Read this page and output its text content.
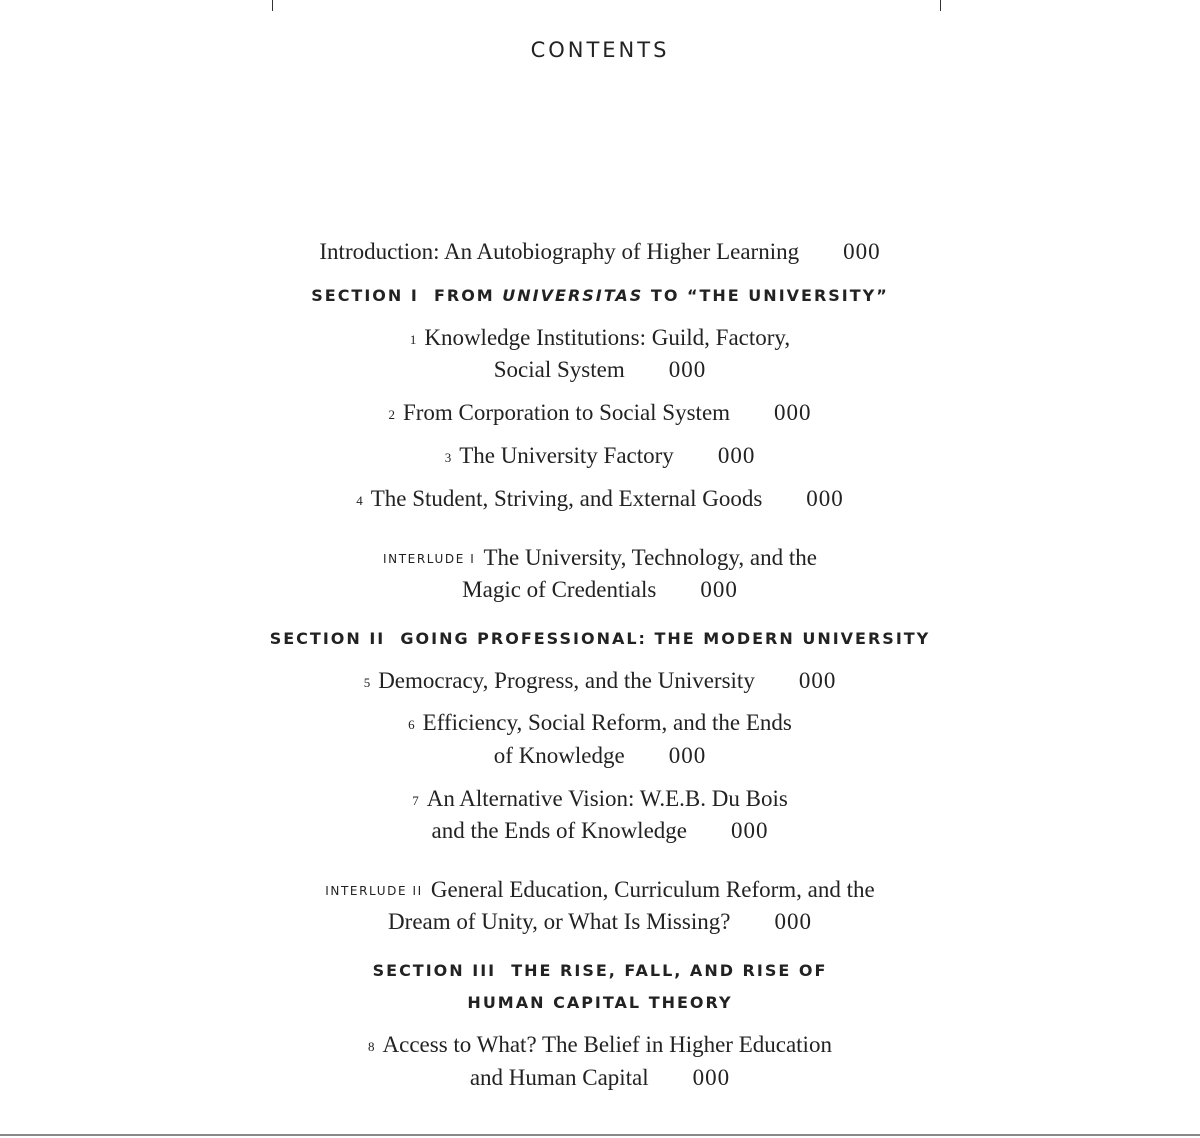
CONTENTS
Introduction: An Autobiography of Higher Learning 000
SECTION I FROM UNIVERSITAS TO “THE UNIVERSITY”
1 Knowledge Institutions: Guild, Factory,
Social System 000
2 From Corporation to Social System 000
3 The University Factory 000
4 The Student, Striving, and External Goods 000
INTERLUDE I The University, Technology, and the
Magic of Credentials 000
SECTION II GOING PROFESSIONAL: THE MODERN UNIVERSITY
5 Democracy, Progress, and the University 000
6 Efficiency, Social Reform, and the Ends
of Knowledge 000
7 An Alternative Vision: W.E.B. Du Bois
and the Ends of Knowledge 000
INTERLUDE II General Education, Curriculum Reform, and the
Dream of Unity, or What Is Missing? 000
SECTION III THE RISE, FALL, AND RISE OF
HUMAN CAPITAL THEORY
8 Access to What? The Belief in Higher Education
and Human Capital 000
